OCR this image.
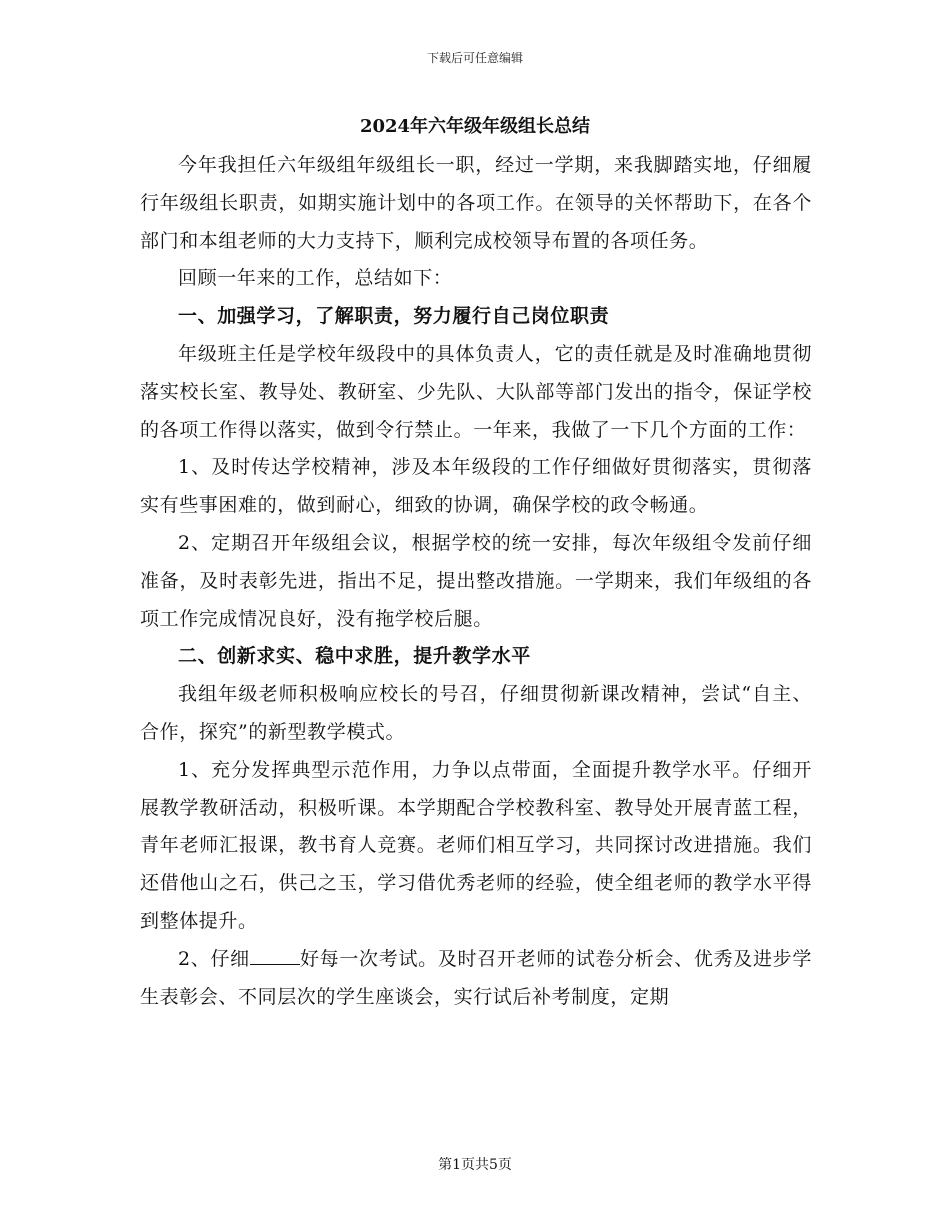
下载后可任意编辑
2024年六年级年级组长总结

今年我担任六年级组年级组长一职，经过一学期，来我脚踏实地，仔细履行年级组长职责，如期实施计划中的各项工作。在领导的关怀帮助下，在各个部门和本组老师的大力支持下，顺利完成校领导布置的各项任务。

回顾一年来的工作，总结如下：

一、加强学习，了解职责，努力履行自己岗位职责

年级班主任是学校年级段中的具体负责人，它的责任就是及时准确地贯彻落实校长室、教导处、教研室、少先队、大队部等部门发出的指令，保证学校的各项工作得以落实，做到令行禁止。一年来，我做了一下几个方面的工作：

1、及时传达学校精神，涉及本年级段的工作仔细做好贯彻落实，贯彻落实有些事困难的，做到耐心，细致的协调，确保学校的政令畅通。

2、定期召开年级组会议，根据学校的统一安排，每次年级组令发前仔细准备，及时表彰先进，指出不足，提出整改措施。一学期来，我们年级组的各项工作完成情况良好，没有拖学校后腿。

二、创新求实、稳中求胜，提升教学水平

我组年级老师积极响应校长的号召，仔细贯彻新课改精神，尝试“自主、合作，探究”的新型教学模式。

1、充分发挥典型示范作用，力争以点带面，全面提升教学水平。仔细开展教学教研活动，积极听课。本学期配合学校教科室、教导处开展青蓝工程，青年老师汇报课，教书育人竞赛。老师们相互学习，共同探讨改进措施。我们还借他山之石，供己之玉，学习借优秀老师的经验，使全组老师的教学水平得到整体提升。

2、仔细	好每一次考试。及时召开老师的试卷分析会、优秀及进步学生表彰会、不同层次的学生座谈会，实行试后补考制度，定期

第1页共5页
